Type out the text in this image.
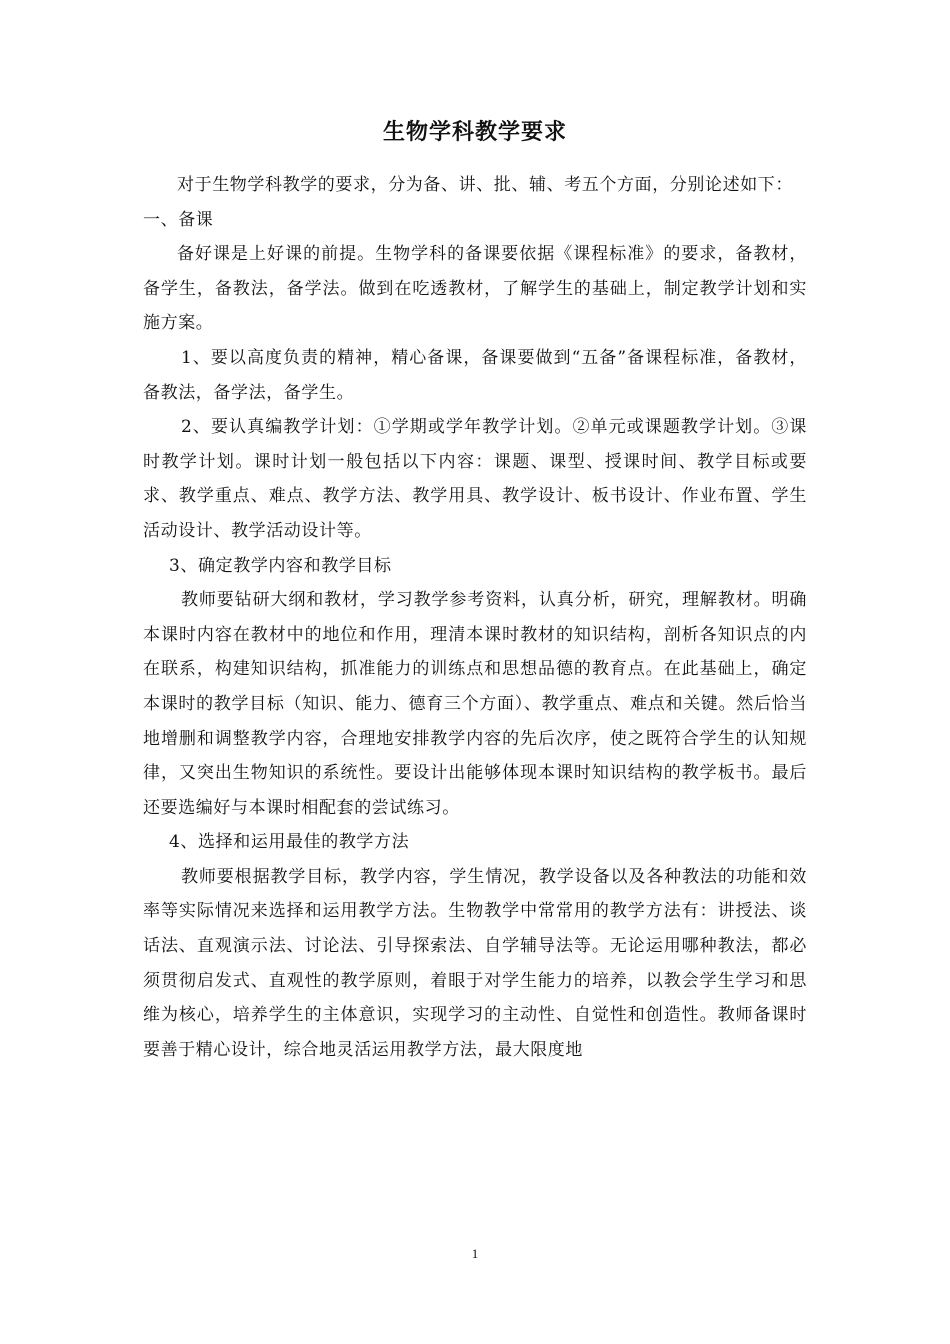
生物学科教学要求

对于生物学科教学的要求，分为备、讲、批、辅、考五个方面，分别论述如下：

一、备课

备好课是上好课的前提。生物学科的备课要依据《课程标准》的要求，备教材，备学生，备教法，备学法。做到在吃透教材，了解学生的基础上，制定教学计划和实施方案。

1、要以高度负责的精神，精心备课，备课要做到“五备”备课程标准，备教材，备教法，备学法，备学生。

2、要认真编教学计划：①学期或学年教学计划。②单元或课题教学计划。③课时教学计划。课时计划一般包括以下内容：课题、课型、授课时间、教学目标或要求、教学重点、难点、教学方法、教学用具、教学设计、板书设计、作业布置、学生活动设计、教学活动设计等。

3、确定教学内容和教学目标

教师要钻研大纲和教材，学习教学参考资料，认真分析，研究，理解教材。明确本课时内容在教材中的地位和作用，理清本课时教材的知识结构，剖析各知识点的内在联系，构建知识结构，抓准能力的训练点和思想品德的教育点。在此基础上，确定本课时的教学目标（知识、能力、德育三个方面）、教学重点、难点和关键。然后恰当地增删和调整教学内容，合理地安排教学内容的先后次序，使之既符合学生的认知规律，又突出生物知识的系统性。要设计出能够体现本课时知识结构的教学板书。最后还要选编好与本课时相配套的尝试练习。

4、选择和运用最佳的教学方法

教师要根据教学目标，教学内容，学生情况，教学设备以及各种教法的功能和效率等实际情况来选择和运用教学方法。生物教学中常常用的教学方法有：讲授法、谈话法、直观演示法、讨论法、引导探索法、自学辅导法等。无论运用哪种教法，都必须贯彻启发式、直观性的教学原则，着眼于对学生能力的培养，以教会学生学习和思维为核心，培养学生的主体意识，实现学习的主动性、自觉性和创造性。教师备课时要善于精心设计，综合地灵活运用教学方法，最大限度地

1
